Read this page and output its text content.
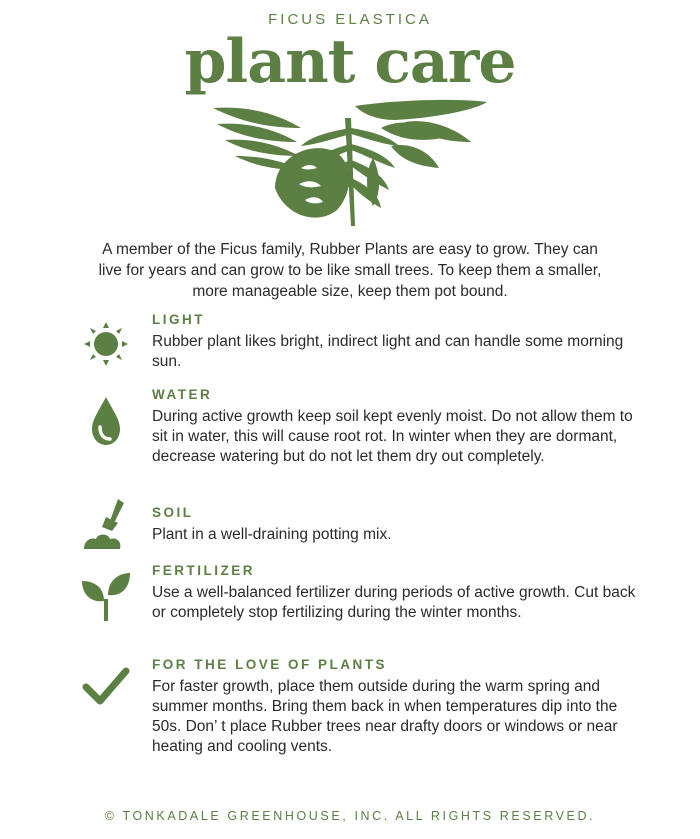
FICUS ELASTICA
plant care
A member of the Ficus family, Rubber Plants are easy to grow. They can live for years and can grow to be like small trees. To keep them a smaller, more manageable size, keep them pot bound.
LIGHT
Rubber plant likes bright, indirect light and can handle some morning sun.
WATER
During active growth keep soil kept evenly moist. Do not allow them to sit in water, this will cause root rot. In winter when they are dormant, decrease watering but do not let them dry out completely.
SOIL
Plant in a well-draining potting mix.
FERTILIZER
Use a well-balanced fertilizer during periods of active growth. Cut back or completely stop fertilizing during the winter months.
FOR THE LOVE OF PLANTS
For faster growth, place them outside during the warm spring and summer months. Bring them back in when temperatures dip into the 50s. Don’ t place Rubber trees near drafty doors or windows or near heating and cooling vents.
© TONKADALE GREENHOUSE, INC. ALL RIGHTS RESERVED.
